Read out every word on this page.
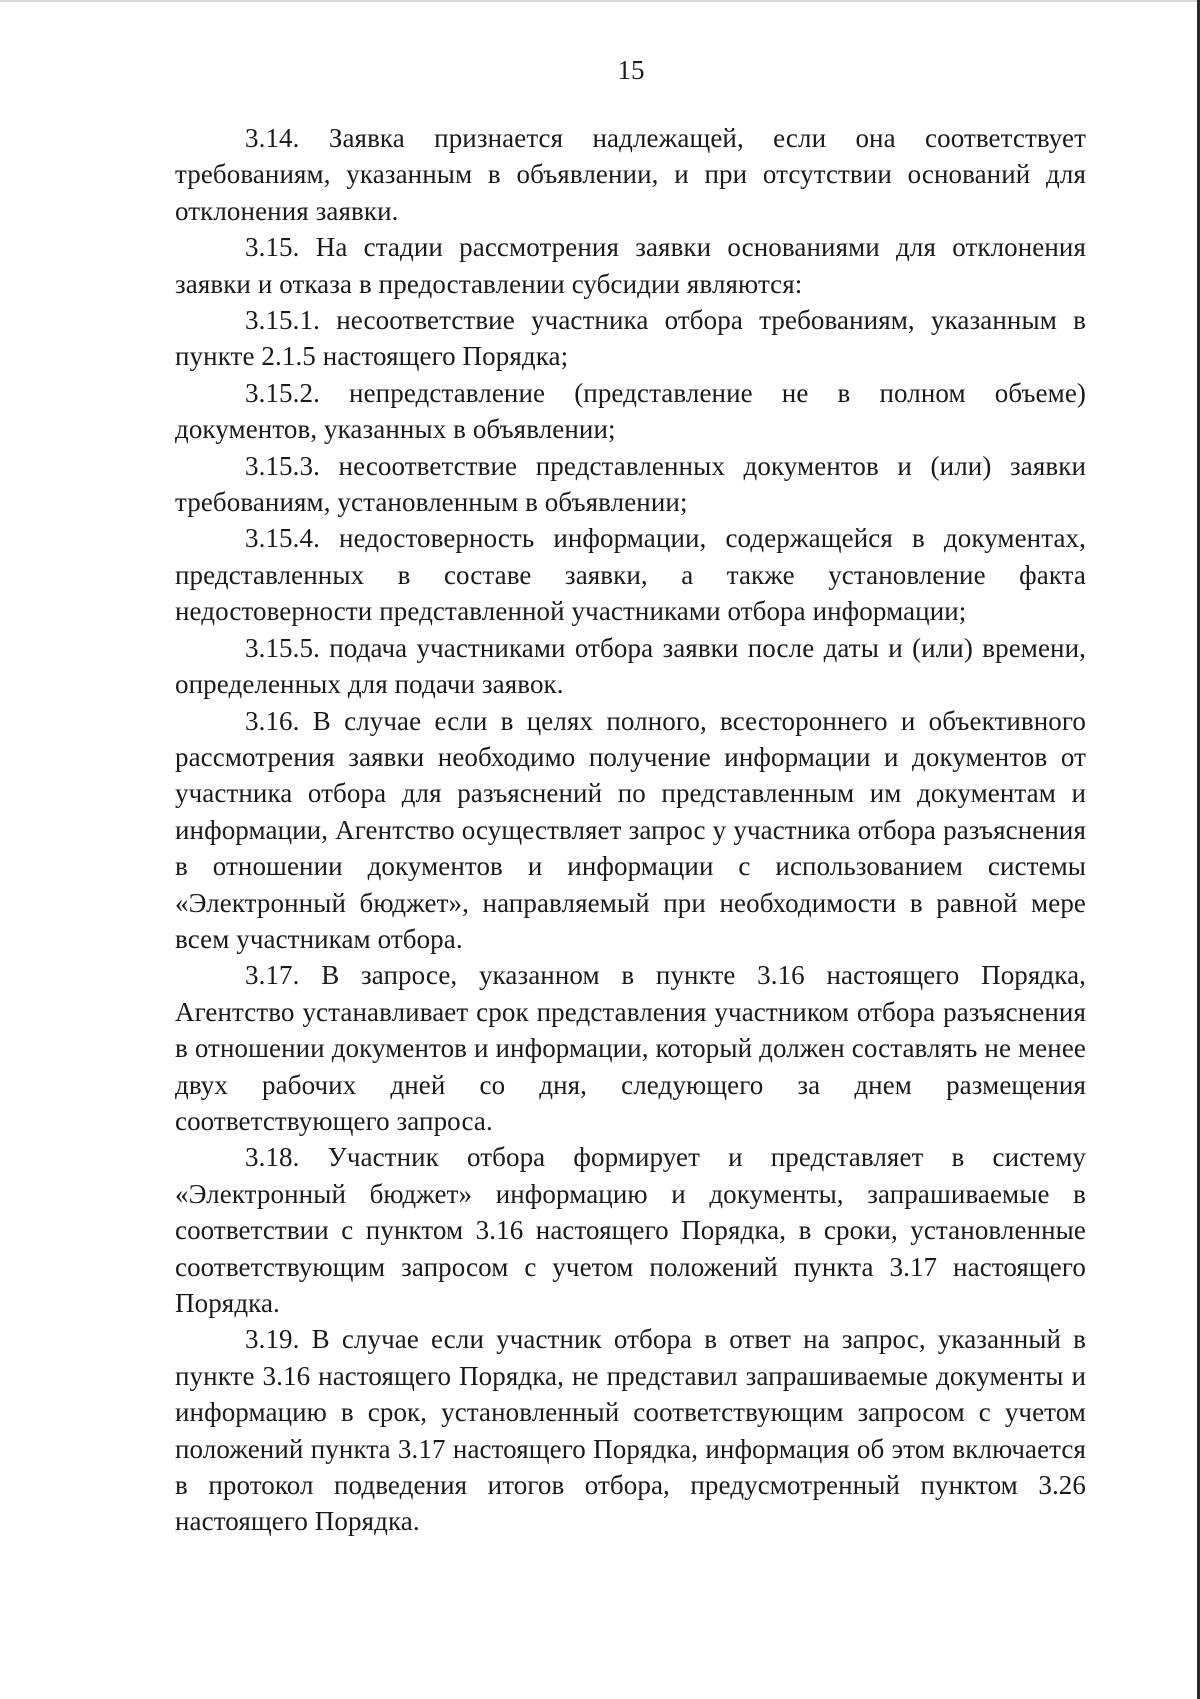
15

3.14. Заявка признается надлежащей, если она соответствует требованиям, указанным в объявлении, и при отсутствии оснований для отклонения заявки.

3.15. На стадии рассмотрения заявки основаниями для отклонения заявки и отказа в предоставлении субсидии являются:

3.15.1. несоответствие участника отбора требованиям, указанным в пункте 2.1.5 настоящего Порядка;

3.15.2. непредставление (представление не в полном объеме) документов, указанных в объявлении;

3.15.3. несоответствие представленных документов и (или) заявки требованиям, установленным в объявлении;

3.15.4. недостоверность информации, содержащейся в документах, представленных в составе заявки, а также установление факта недостоверности представленной участниками отбора информации;

3.15.5. подача участниками отбора заявки после даты и (или) времени, определенных для подачи заявок.

3.16. В случае если в целях полного, всестороннего и объективного рассмотрения заявки необходимо получение информации и документов от участника отбора для разъяснений по представленным им документам и информации, Агентство осуществляет запрос у участника отбора разъяснения в отношении документов и информации с использованием системы «Электронный бюджет», направляемый при необходимости в равной мере всем участникам отбора.

3.17. В запросе, указанном в пункте 3.16 настоящего Порядка, Агентство устанавливает срок представления участником отбора разъяснения в отношении документов и информации, который должен составлять не менее двух рабочих дней со дня, следующего за днем размещения соответствующего запроса.

3.18. Участник отбора формирует и представляет в систему «Электронный бюджет» информацию и документы, запрашиваемые в соответствии с пунктом 3.16 настоящего Порядка, в сроки, установленные соответствующим запросом с учетом положений пункта 3.17 настоящего Порядка.

3.19. В случае если участник отбора в ответ на запрос, указанный в пункте 3.16 настоящего Порядка, не представил запрашиваемые документы и информацию в срок, установленный соответствующим запросом с учетом положений пункта 3.17 настоящего Порядка, информация об этом включается в протокол подведения итогов отбора, предусмотренный пунктом 3.26 настоящего Порядка.
